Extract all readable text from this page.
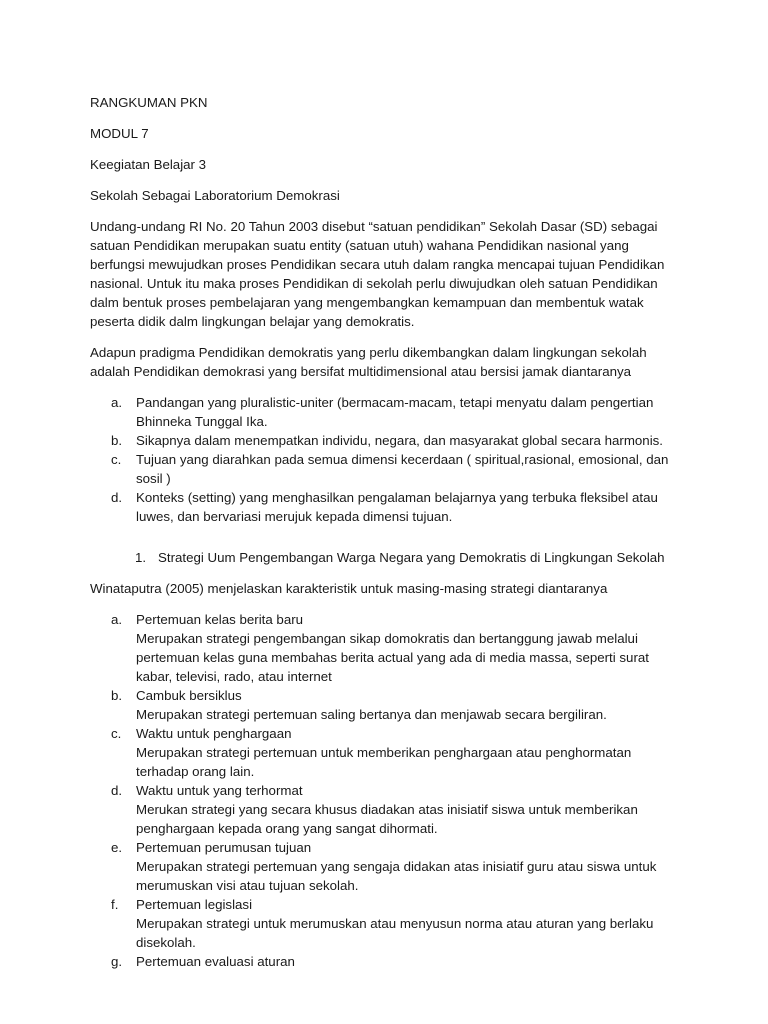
RANGKUMAN PKN

MODUL 7

Keegiatan Belajar 3

Sekolah Sebagai Laboratorium Demokrasi

Undang-undang RI No. 20 Tahun 2003 disebut “satuan pendidikan” Sekolah Dasar (SD) sebagai satuan Pendidikan merupakan suatu entity (satuan utuh) wahana Pendidikan nasional yang berfungsi mewujudkan proses Pendidikan secara utuh dalam rangka mencapai tujuan Pendidikan nasional. Untuk itu maka proses Pendidikan di sekolah perlu diwujudkan oleh satuan Pendidikan dalm bentuk proses pembelajaran yang mengembangkan kemampuan dan membentuk watak peserta didik dalm lingkungan belajar yang demokratis.

Adapun pradigma Pendidikan demokratis yang perlu dikembangkan dalam lingkungan sekolah adalah Pendidikan demokrasi yang bersifat multidimensional atau bersisi jamak diantaranya

a. Pandangan yang pluralistic-uniter (bermacam-macam, tetapi menyatu dalam pengertian Bhinneka Tunggal Ika.
b. Sikapnya dalam menempatkan individu, negara, dan masyarakat global secara harmonis.
c. Tujuan yang diarahkan pada semua dimensi kecerdaan ( spiritual,rasional, emosional, dan sosil )
d. Konteks (setting) yang menghasilkan pengalaman belajarnya yang terbuka fleksibel atau luwes, dan bervariasi merujuk kepada dimensi tujuan.
1. Strategi Uum Pengembangan Warga Negara yang Demokratis di Lingkungan Sekolah

Winataputra (2005) menjelaskan karakteristik untuk masing-masing strategi diantaranya

a. Pertemuan kelas berita baru
Merupakan strategi pengembangan sikap domokratis dan bertanggung jawab melalui pertemuan kelas guna membahas berita actual yang ada di media massa, seperti surat kabar, televisi, rado, atau internet
b. Cambuk bersiklus
Merupakan strategi pertemuan saling bertanya dan menjawab secara bergiliran.
c. Waktu untuk penghargaan
Merupakan strategi pertemuan untuk memberikan penghargaan atau penghormatan terhadap orang lain.
d. Waktu untuk yang terhormat
Merukan strategi yang secara khusus diadakan atas inisiatif siswa untuk memberikan penghargaan kepada orang yang sangat dihormati.
e. Pertemuan perumusan tujuan
Merupakan strategi pertemuan yang sengaja didakan atas inisiatif guru atau siswa untuk merumuskan visi atau tujuan sekolah.
f. Pertemuan legislasi
Merupakan strategi untuk merumuskan atau menyusun norma atau aturan yang berlaku disekolah.
g. Pertemuan evaluasi aturan
